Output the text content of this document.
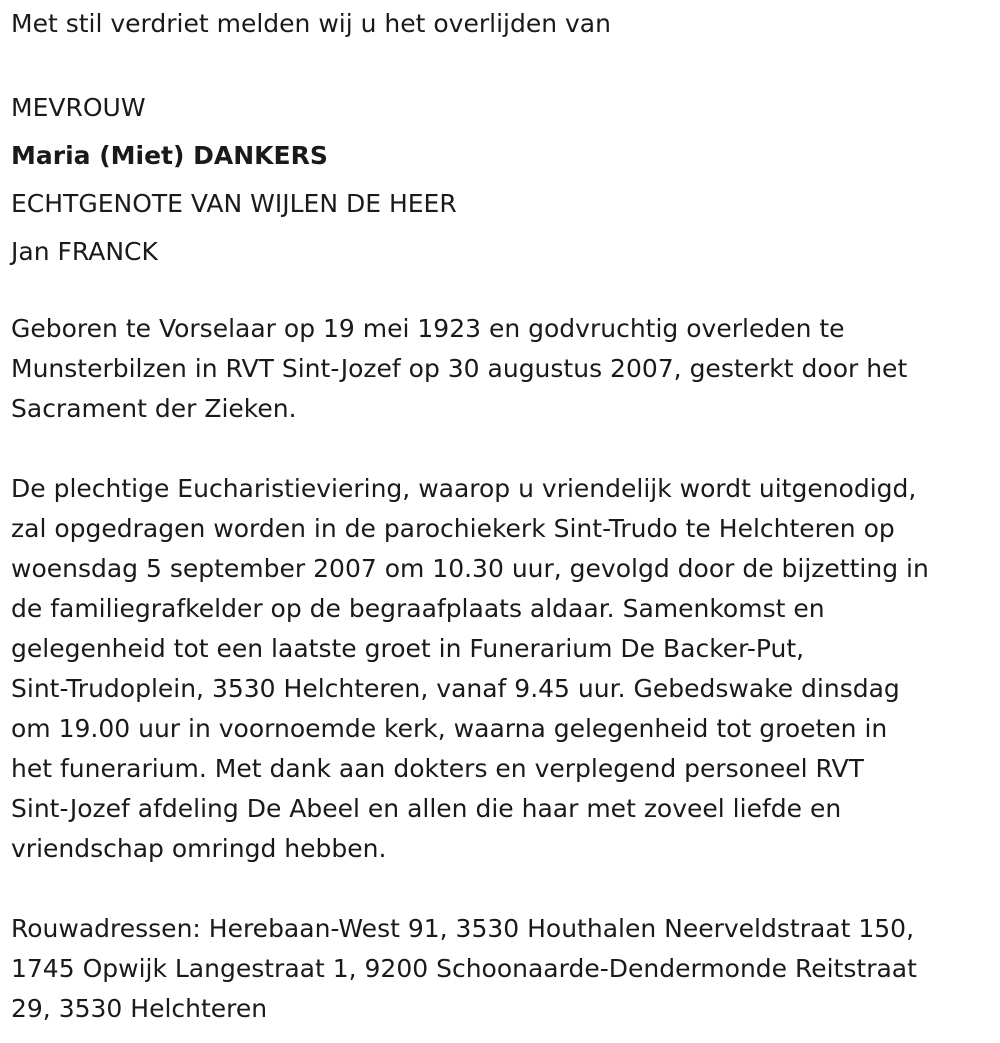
Met stil verdriet melden wij u het overlijden van

MEVROUW

Maria (Miet) DANKERS

ECHTGENOTE VAN WIJLEN DE HEER

Jan FRANCK

Geboren te Vorselaar op 19 mei 1923 en godvruchtig overleden te
Munsterbilzen in RVT Sint-Jozef op 30 augustus 2007, gesterkt door het
Sacrament der Zieken.

De plechtige Eucharistieviering, waarop u vriendelijk wordt uitgenodigd,
zal opgedragen worden in de parochiekerk Sint-Trudo te Helchteren op
woensdag 5 september 2007 om 10.30 uur, gevolgd door de bijzetting in
de familiegrafkelder op de begraafplaats aldaar. Samenkomst en
gelegenheid tot een laatste groet in Funerarium De Backer-Put,
Sint-Trudoplein, 3530 Helchteren, vanaf 9.45 uur. Gebedswake dinsdag
om 19.00 uur in voornoemde kerk, waarna gelegenheid tot groeten in
het funerarium. Met dank aan dokters en verplegend personeel RVT
Sint-Jozef afdeling De Abeel en allen die haar met zoveel liefde en
vriendschap omringd hebben.

Rouwadressen: Herebaan-West 91, 3530 Houthalen Neerveldstraat 150,
1745 Opwijk Langestraat 1, 9200 Schoonaarde-Dendermonde Reitstraat
29, 3530 Helchteren
